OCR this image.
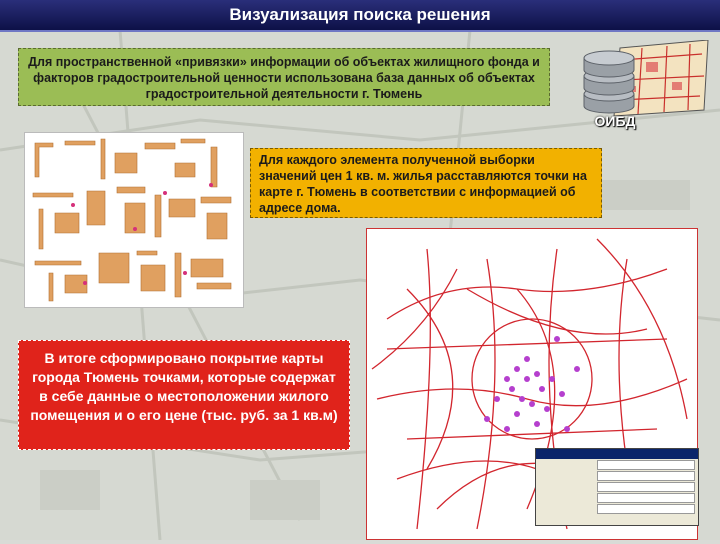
Визуализация поиска решения
Для пространственной «привязки» информации об объектах жилищного фонда и факторов градостроительной ценности использована база данных об объектах градостроительной деятельности г. Тюмень
ОИБД
Для каждого элемента полученной выборки значений цен 1 кв. м. жилья расставляются точки на карте г. Тюмень в соответствии с информацией об адресе дома.
В итоге сформировано покрытие карты города Тюмень точками, которые содержат в себе данные о местоположении жилого помещения и о его цене (тыс. руб. за 1 кв.м)
